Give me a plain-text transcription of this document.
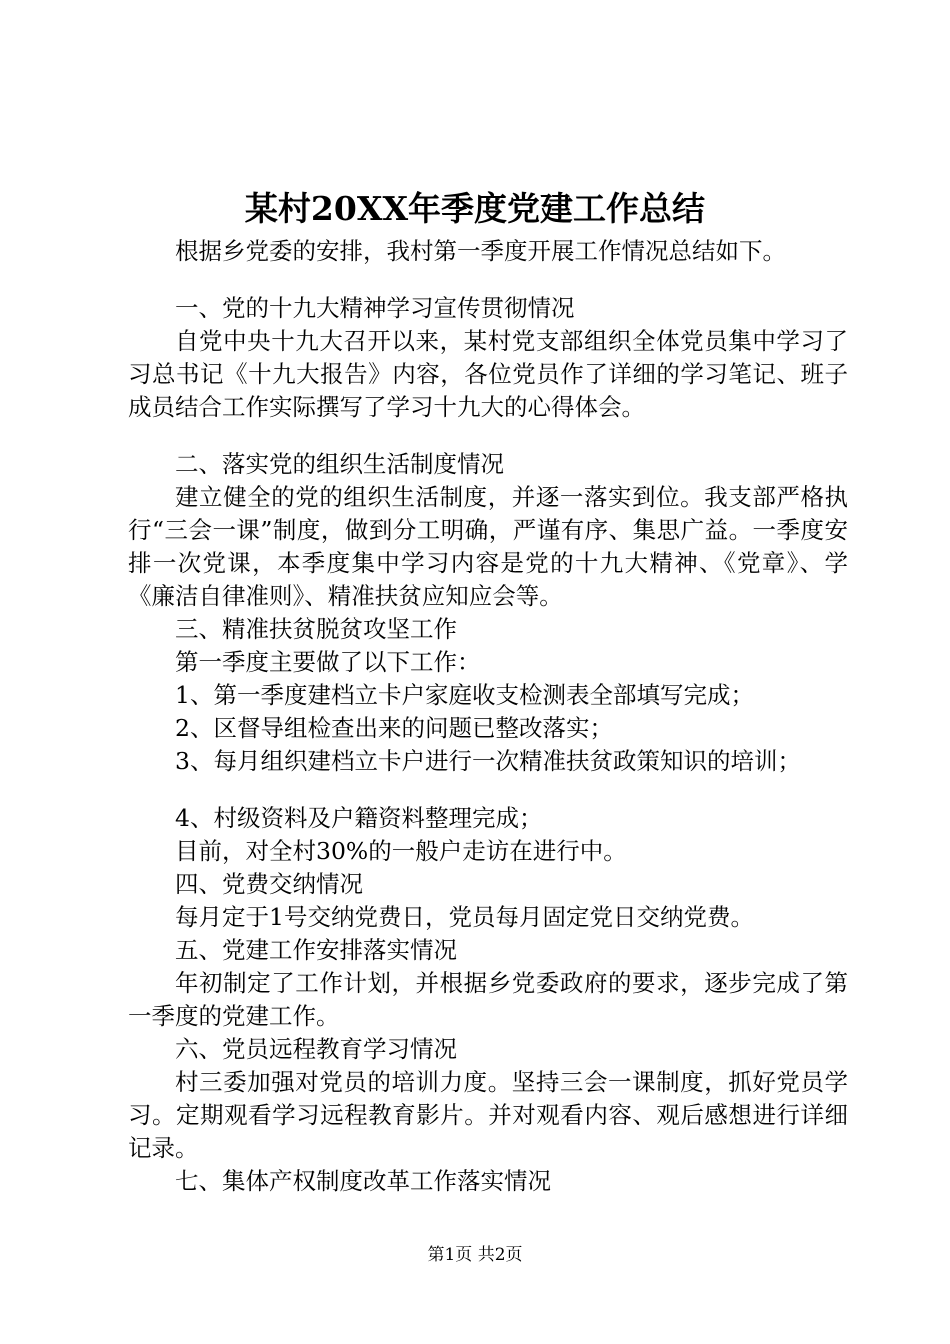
某村20XX年季度党建工作总结

根据乡党委的安排，我村第一季度开展工作情况总结如下。

一、党的十九大精神学习宣传贯彻情况

自党中央十九大召开以来，某村党支部组织全体党员集中学习了习总书记《十九大报告》内容，各位党员作了详细的学习笔记、班子成员结合工作实际撰写了学习十九大的心得体会。

二、落实党的组织生活制度情况

建立健全的党的组织生活制度，并逐一落实到位。我支部严格执行“三会一课”制度，做到分工明确，严谨有序、集思广益。一季度安排一次党课，本季度集中学习内容是党的十九大精神、《党章》、学《廉洁自律准则》、精准扶贫应知应会等。

三、精准扶贫脱贫攻坚工作

第一季度主要做了以下工作：

1、第一季度建档立卡户家庭收支检测表全部填写完成；

2、区督导组检查出来的问题已整改落实；

3、每月组织建档立卡户进行一次精准扶贫政策知识的培训；

4、村级资料及户籍资料整理完成；

目前，对全村30%的一般户走访在进行中。

四、党费交纳情况

每月定于1号交纳党费日，党员每月固定党日交纳党费。

五、党建工作安排落实情况

年初制定了工作计划，并根据乡党委政府的要求，逐步完成了第一季度的党建工作。

六、党员远程教育学习情况

村三委加强对党员的培训力度。坚持三会一课制度，抓好党员学习。定期观看学习远程教育影片。并对观看内容、观后感想进行详细记录。

七、集体产权制度改革工作落实情况

第1页 共2页
